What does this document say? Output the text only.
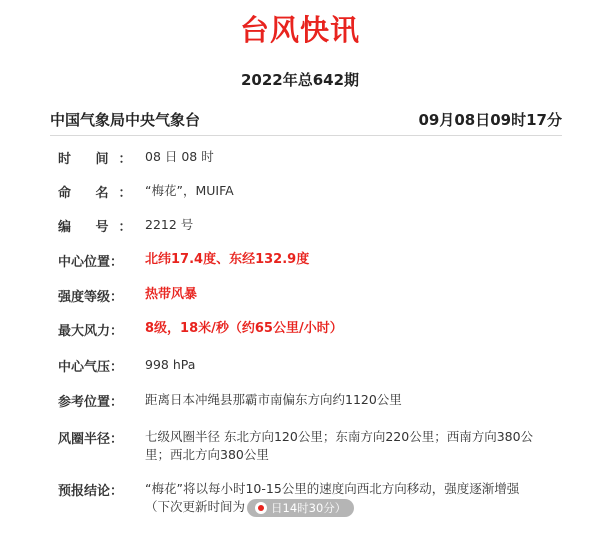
台风快讯
2022年总642期
中国气象局中央气象台	09月08日09时17分
时 间： 08 日 08 时
命 名： “梅花”，MUIFA
编 号： 2212 号
中心位置：	北纬17.4度、东经132.9度
强度等级：	热带风暴
最大风力：	8级，18米/秒（约65公里/小时）
中心气压：	998 hPa
参考位置：	距离日本冲绳县那霸市南偏东方向约1120公里
风圈半径：	七级风圈半径 东北方向120公里；东南方向220公里；西南方向380公里；西北方向380公里
预报结论：	“梅花”将以每小时10-15公里的速度向西北方向移动，强度逐渐增强
（下次更新时间为 日14时30分）
